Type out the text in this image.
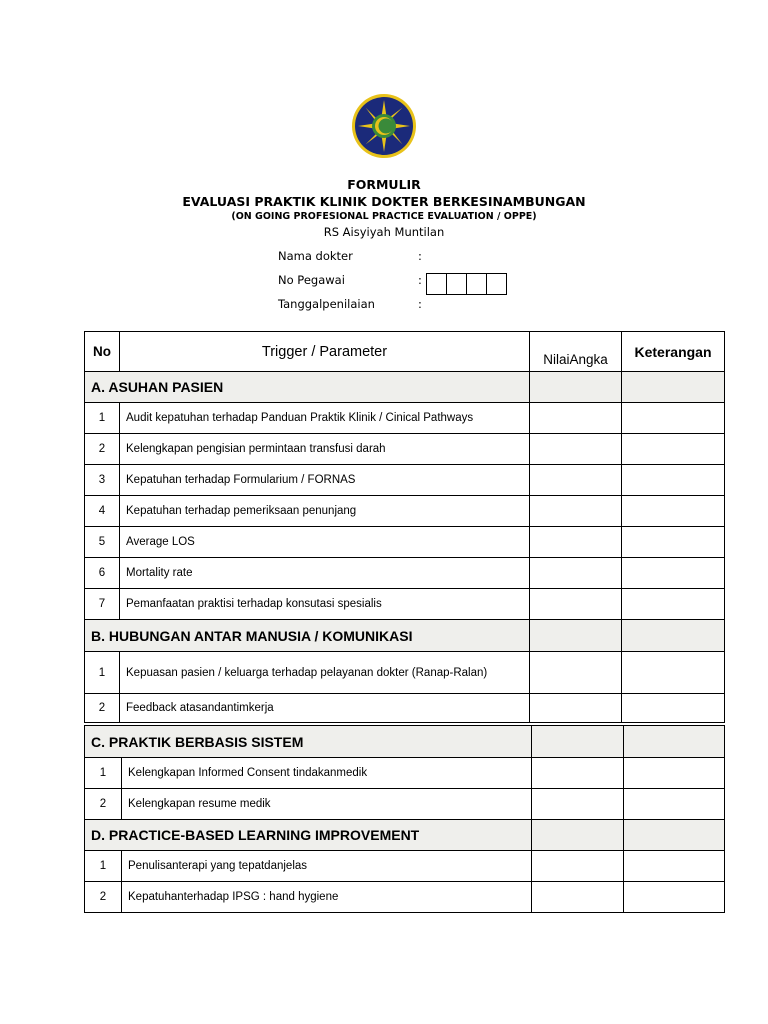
FORMULIR
EVALUASI PRAKTIK KLINIK DOKTER BERKESINAMBUNGAN
(ON GOING PROFESIONAL PRACTICE EVALUATION / OPPE)
RS Aisyiyah Muntilan
Nama dokter	:
No Pegawai	:
Tanggalpenilaian	:
No	Trigger / Parameter	NilaiAngka	Keterangan
A. ASUHAN PASIEN			
1	Audit kepatuhan terhadap Panduan Praktik Klinik / Cinical Pathways		
2	Kelengkapan pengisian permintaan transfusi darah		
3	Kepatuhan terhadap Formularium / FORNAS		
4	Kepatuhan terhadap pemeriksaan penunjang		
5	Average LOS		
6	Mortality rate		
7	Pemanfaatan praktisi terhadap konsutasi spesialis		
B. HUBUNGAN ANTAR MANUSIA / KOMUNIKASI			
1	Kepuasan pasien / keluarga terhadap pelayanan dokter (Ranap-Ralan)		
2	Feedback atasandantimkerja		
C. PRAKTIK BERBASIS SISTEM			
1	Kelengkapan Informed Consent tindakanmedik		
2	Kelengkapan resume medik		
D. PRACTICE-BASED LEARNING IMPROVEMENT			
1	Penulisanterapi yang tepatdanjelas		
2	Kepatuhanterhadap IPSG : hand hygiene		
